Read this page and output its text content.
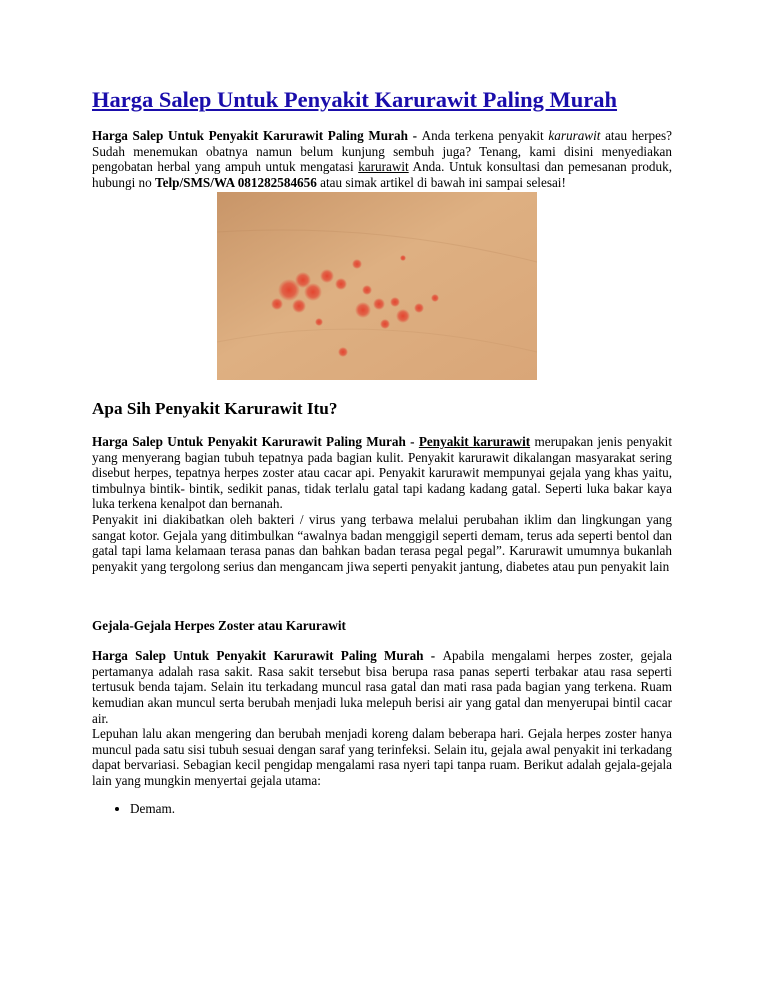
Harga Salep Untuk Penyakit Karurawit Paling Murah

Harga Salep Untuk Penyakit Karurawit Paling Murah - Anda terkena penyakit karurawit atau herpes? Sudah menemukan obatnya namun belum kunjung sembuh juga? Tenang, kami disini menyediakan pengobatan herbal yang ampuh untuk mengatasi karurawit Anda. Untuk konsultasi dan pemesanan produk, hubungi no Telp/SMS/WA 081282584656 atau simak artikel di bawah ini sampai selesai!

Apa Sih Penyakit Karurawit Itu?

Harga Salep Untuk Penyakit Karurawit Paling Murah - Penyakit karurawit merupakan jenis penyakit yang menyerang bagian tubuh tepatnya pada bagian kulit. Penyakit karurawit dikalangan masyarakat sering disebut herpes, tepatnya herpes zoster atau cacar api. Penyakit karurawit mempunyai gejala yang khas yaitu, timbulnya bintik- bintik, sedikit panas, tidak terlalu gatal tapi kadang kadang gatal. Seperti luka bakar kaya luka terkena kenalpot dan bernanah.

Penyakit ini diakibatkan oleh bakteri / virus yang terbawa melalui perubahan iklim dan lingkungan yang sangat kotor. Gejala yang ditimbulkan “awalnya badan menggigil seperti demam, terus ada seperti bentol dan gatal tapi lama kelamaan terasa panas dan bahkan badan terasa pegal pegal”. Karurawit umumnya bukanlah penyakit yang tergolong serius dan mengancam jiwa seperti penyakit jantung, diabetes atau pun penyakit lain

Gejala-Gejala Herpes Zoster atau Karurawit

Harga Salep Untuk Penyakit Karurawit Paling Murah - Apabila mengalami herpes zoster, gejala pertamanya adalah rasa sakit. Rasa sakit tersebut bisa berupa rasa panas seperti terbakar atau rasa seperti tertusuk benda tajam. Selain itu terkadang muncul rasa gatal dan mati rasa pada bagian yang terkena. Ruam kemudian akan muncul serta berubah menjadi luka melepuh berisi air yang gatal dan menyerupai bintil cacar air.

Lepuhan lalu akan mengering dan berubah menjadi koreng dalam beberapa hari. Gejala herpes zoster hanya muncul pada satu sisi tubuh sesuai dengan saraf yang terinfeksi. Selain itu, gejala awal penyakit ini terkadang dapat bervariasi. Sebagian kecil pengidap mengalami rasa nyeri tapi tanpa ruam. Berikut adalah gejala-gejala lain yang mungkin menyertai gejala utama:

• Demam.
